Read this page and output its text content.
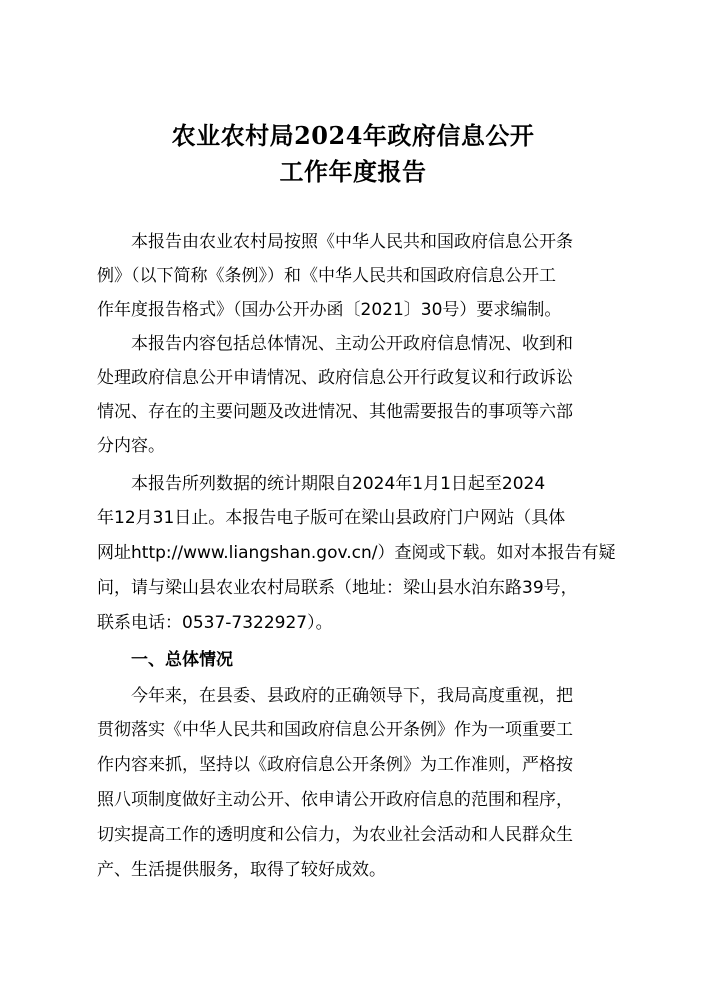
农业农村局2024年政府信息公开
工作年度报告
本报告由农业农村局按照《中华人民共和国政府信息公开条
例》（以下简称《条例》）和《中华人民共和国政府信息公开工
作年度报告格式》（国办公开办函〔2021〕30号）要求编制。
本报告内容包括总体情况、主动公开政府信息情况、收到和
处理政府信息公开申请情况、政府信息公开行政复议和行政诉讼
情况、存在的主要问题及改进情况、其他需要报告的事项等六部
分内容。
本报告所列数据的统计期限自2024年1月1日起至2024
年12月31日止。本报告电子版可在梁山县政府门户网站（具体
网址http://www.liangshan.gov.cn/）查阅或下载。如对本报告有疑
问，请与梁山县农业农村局联系（地址：梁山县水泊东路39号，
联系电话：0537-7322927）。
一、总体情况
今年来，在县委、县政府的正确领导下，我局高度重视，把
贯彻落实《中华人民共和国政府信息公开条例》作为一项重要工
作内容来抓，坚持以《政府信息公开条例》为工作准则，严格按
照八项制度做好主动公开、依申请公开政府信息的范围和程序，
切实提高工作的透明度和公信力，为农业社会活动和人民群众生
产、生活提供服务，取得了较好成效。
